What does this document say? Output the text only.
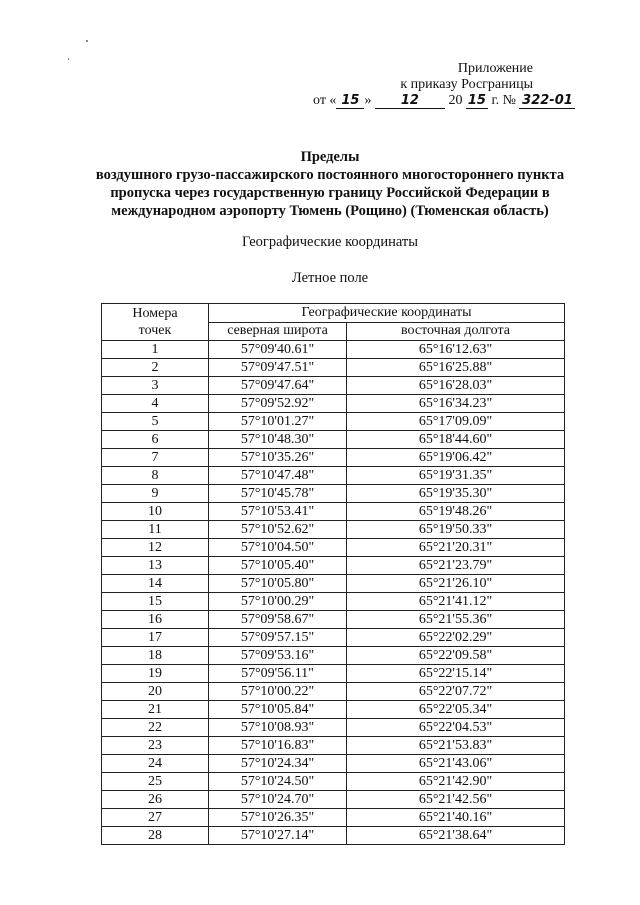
Приложение
к приказу Росграницы
от « 15 » 12 20 15 г. № 322-01
Пределы
воздушного грузо-пассажирского постоянного многостороннего пункта
пропуска через государственную границу Российской Федерации в
международном аэропорту Тюмень (Рощино) (Тюменская область)
Географические координаты
Летное поле
Номера точек	Географические координаты	
	северная широта	восточная долгота
1	57°09'40.61"	65°16'12.63"
2	57°09'47.51"	65°16'25.88"
3	57°09'47.64"	65°16'28.03"
4	57°09'52.92"	65°16'34.23"
5	57°10'01.27"	65°17'09.09"
6	57°10'48.30"	65°18'44.60"
7	57°10'35.26"	65°19'06.42"
8	57°10'47.48"	65°19'31.35"
9	57°10'45.78"	65°19'35.30"
10	57°10'53.41"	65°19'48.26"
11	57°10'52.62"	65°19'50.33"
12	57°10'04.50"	65°21'20.31"
13	57°10'05.40"	65°21'23.79"
14	57°10'05.80"	65°21'26.10"
15	57°10'00.29"	65°21'41.12"
16	57°09'58.67"	65°21'55.36"
17	57°09'57.15"	65°22'02.29"
18	57°09'53.16"	65°22'09.58"
19	57°09'56.11"	65°22'15.14"
20	57°10'00.22"	65°22'07.72"
21	57°10'05.84"	65°22'05.34"
22	57°10'08.93"	65°22'04.53"
23	57°10'16.83"	65°21'53.83"
24	57°10'24.34"	65°21'43.06"
25	57°10'24.50"	65°21'42.90"
26	57°10'24.70"	65°21'42.56"
27	57°10'26.35"	65°21'40.16"
28	57°10'27.14"	65°21'38.64"
